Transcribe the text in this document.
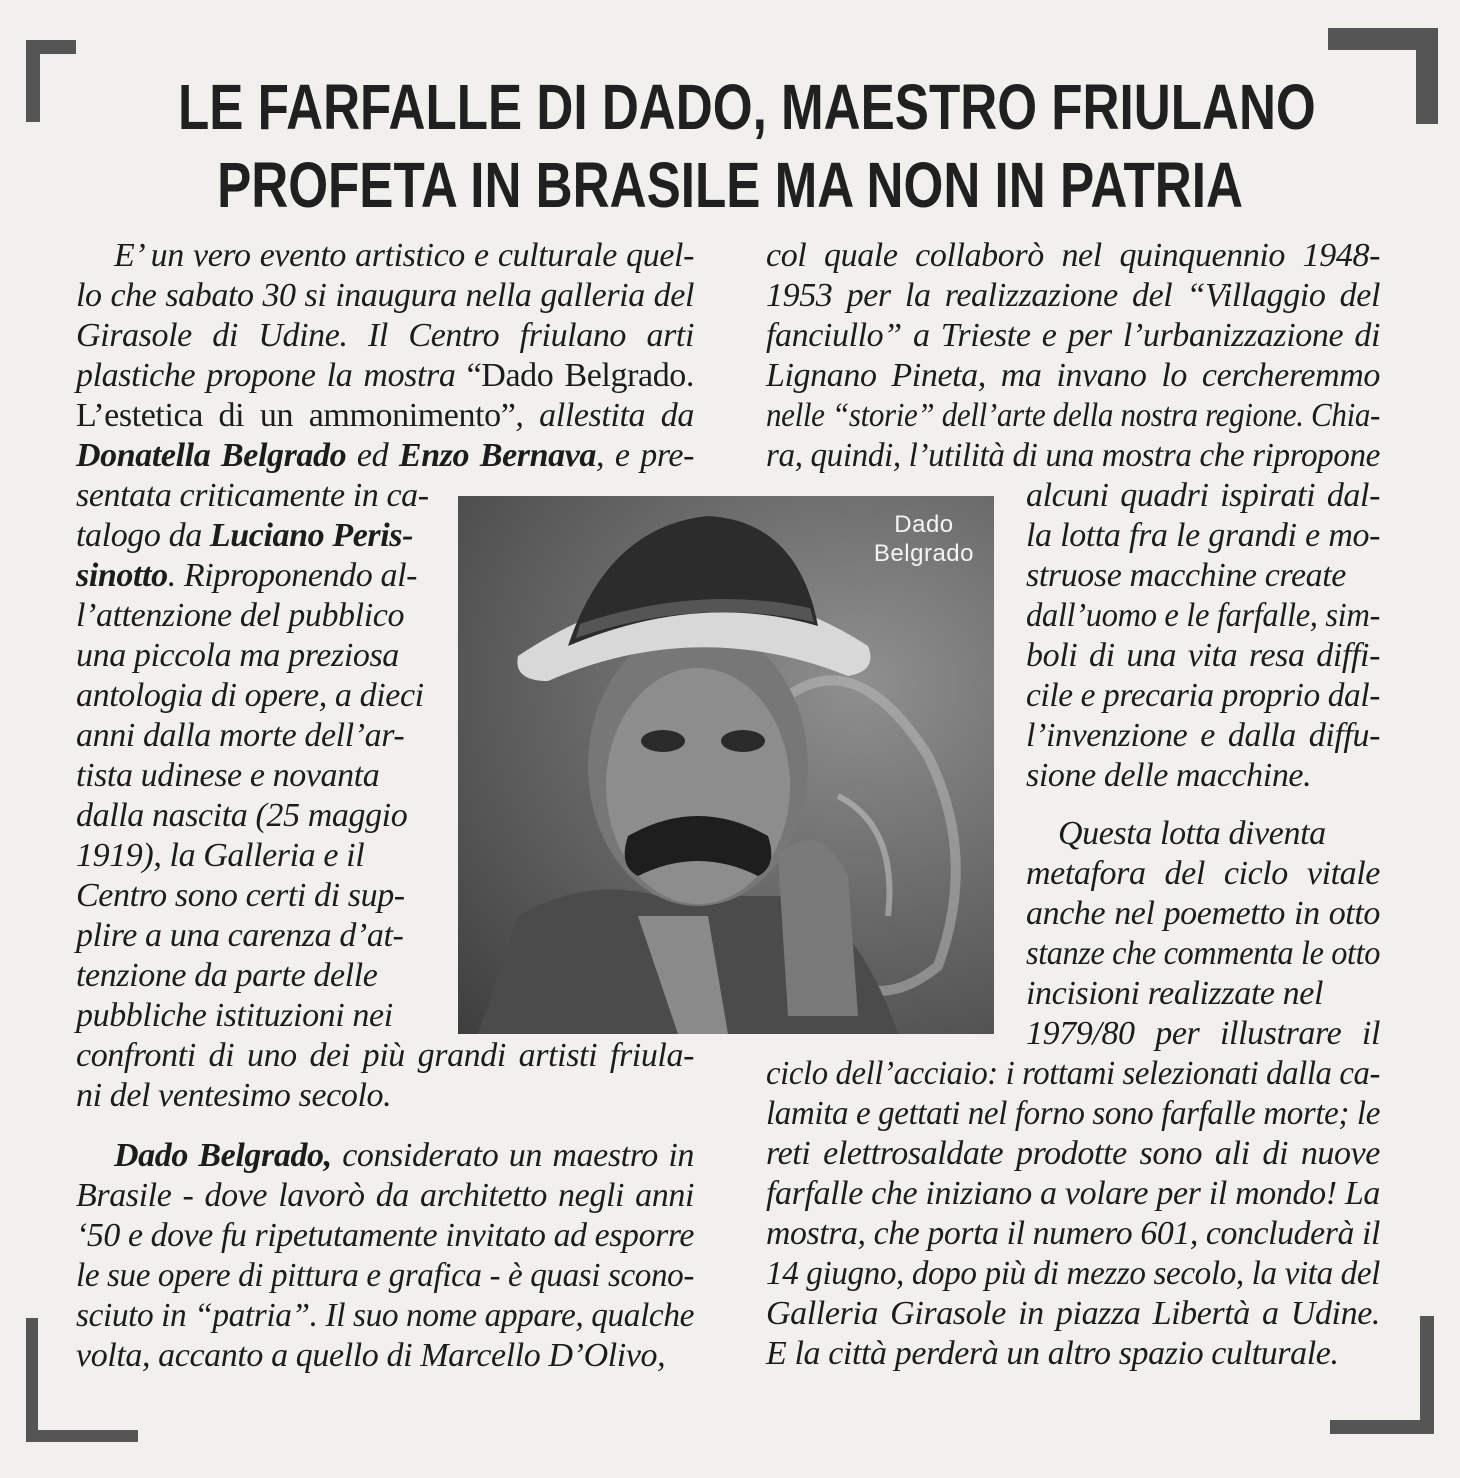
LE FARFALLE DI DADO, MAESTRO FRIULANO
PROFETA IN BRASILE MA NON IN PATRIA
Dado
Belgrado
E’ un vero evento artistico e culturale quel-
lo che sabato 30 si inaugura nella galleria del
Girasole di Udine. Il Centro friulano arti
plastiche propone la mostra “Dado Belgrado.
L’estetica di un ammonimento”, allestita da
Donatella Belgrado ed Enzo Bernava, e pre-
sentata criticamente in ca-
talogo da Luciano Peris-
sinotto. Riproponendo al-
l’attenzione del pubblico
una piccola ma preziosa
antologia di opere, a dieci
anni dalla morte dell’ar-
tista udinese e novanta
dalla nascita (25 maggio
1919), la Galleria e il
Centro sono certi di sup-
plire a una carenza d’at-
tenzione da parte delle
pubbliche istituzioni nei
confronti di uno dei più grandi artisti friula-
ni del ventesimo secolo.
Dado Belgrado, considerato un maestro in
Brasile - dove lavorò da architetto negli anni
‘50 e dove fu ripetutamente invitato ad esporre
le sue opere di pittura e grafica - è quasi scono-
sciuto in “patria”. Il suo nome appare, qualche
volta, accanto a quello di Marcello D’Olivo,
col quale collaborò nel quinquennio 1948-
1953 per la realizzazione del “Villaggio del
fanciullo” a Trieste e per l’urbanizzazione di
Lignano Pineta, ma invano lo cercheremmo
nelle “storie” dell’arte della nostra regione. Chia-
ra, quindi, l’utilità di una mostra che ripropone
alcuni quadri ispirati dal-
la lotta fra le grandi e mo-
struose macchine create
dall’uomo e le farfalle, sim-
boli di una vita resa diffi-
cile e precaria proprio dal-
l’invenzione e dalla diffu-
sione delle macchine.
Questa lotta diventa
metafora del ciclo vitale
anche nel poemetto in otto
stanze che commenta le otto
incisioni realizzate nel
1979/80 per illustrare il
ciclo dell’acciaio: i rottami selezionati dalla ca-
lamita e gettati nel forno sono farfalle morte; le
reti elettrosaldate prodotte sono ali di nuove
farfalle che iniziano a volare per il mondo! La
mostra, che porta il numero 601, concluderà il
14 giugno, dopo più di mezzo secolo, la vita del
Galleria Girasole in piazza Libertà a Udine.
E la città perderà un altro spazio culturale.
